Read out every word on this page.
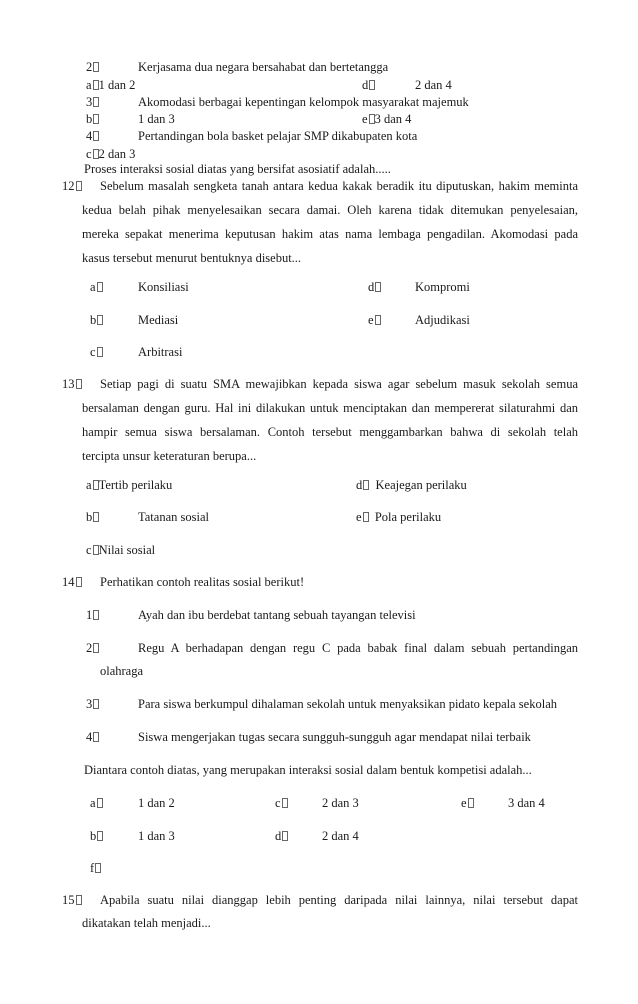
2	Kerjasama dua negara bersahabat dan bertetangga
a 1 dan 2	d	2 dan 4
3	Akomodasi berbagai kepentingan kelompok masyarakat majemuk
b	1 dan 3	e 3 dan 4
4	Pertandingan bola basket pelajar SMP dikabupaten kota
c 2 dan 3
Proses interaksi sosial diatas yang bersifat asosiatif adalah.....
12	Sebelum masalah sengketa tanah antara kedua kakak beradik itu diputuskan, hakim meminta
kedua belah pihak menyelesaikan secara damai. Oleh karena tidak ditemukan penyelesaian,
mereka sepakat menerima keputusan hakim atas nama lembaga pengadilan. Akomodasi pada
kasus tersebut menurut bentuknya disebut...
a	Konsiliasi	d	Kompromi
b	Mediasi	e	Adjudikasi
c	Arbitrasi
13	Setiap pagi di suatu SMA mewajibkan kepada siswa agar sebelum masuk sekolah semua
bersalaman dengan guru. Hal ini dilakukan untuk menciptakan dan mempererat silaturahmi dan
hampir semua siswa bersalaman. Contoh tersebut menggambarkan bahwa di sekolah telah
tercipta unsur keteraturan berupa...
a Tertib perilaku	d Keajegan perilaku
b	Tatanan sosial	e Pola perilaku
c Nilai sosial
14	Perhatikan contoh realitas sosial berikut!
1	Ayah dan ibu berdebat tantang sebuah tayangan televisi
2	Regu A berhadapan dengan regu C pada babak final dalam sebuah pertandingan
olahraga
3	Para siswa berkumpul dihalaman sekolah untuk menyaksikan pidato kepala sekolah
4	Siswa mengerjakan tugas secara sungguh-sungguh agar mendapat nilai terbaik
Diantara contoh diatas, yang merupakan interaksi sosial dalam bentuk kompetisi adalah...
a	1 dan 2	c	2 dan 3	e	3 dan 4
b	1 dan 3	d	2 dan 4
f
15	Apabila suatu nilai dianggap lebih penting daripada nilai lainnya, nilai tersebut dapat
dikatakan telah menjadi...
